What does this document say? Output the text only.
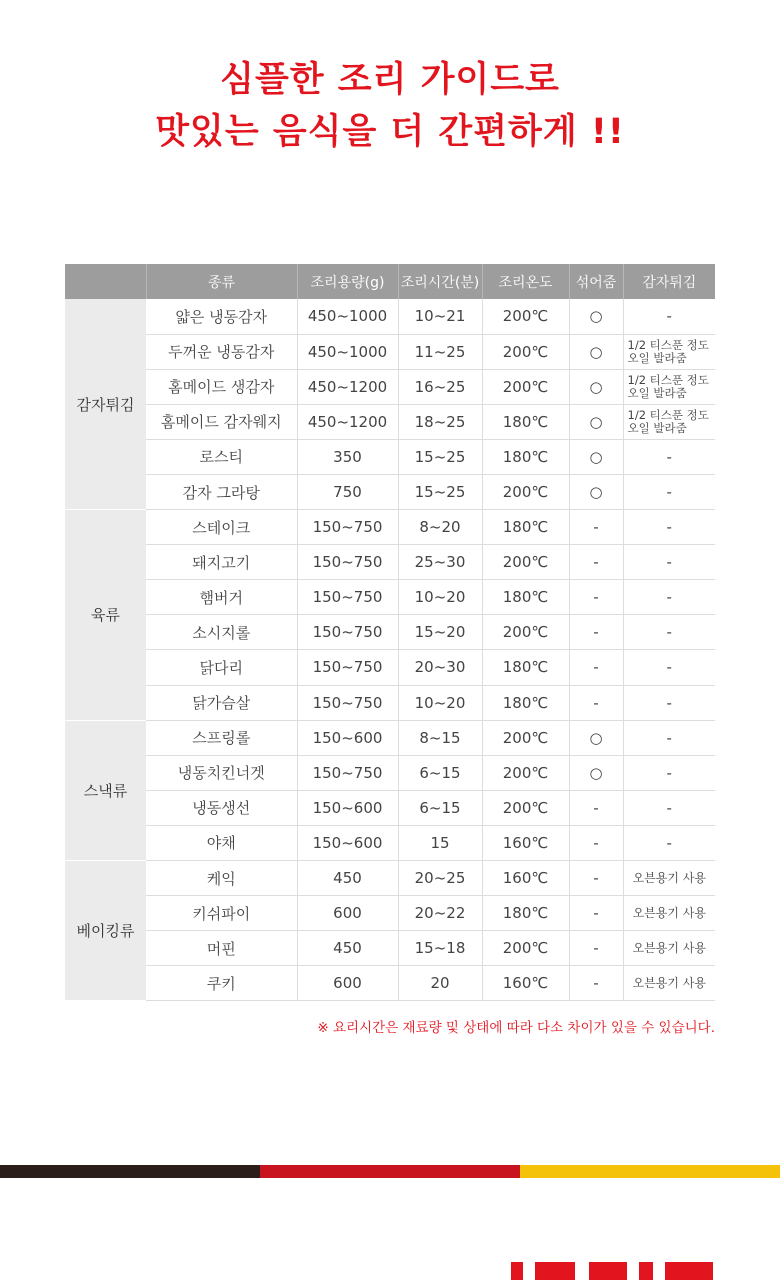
심플한 조리 가이드로
맛있는 음식을 더 간편하게 !!
	종류	조리용량(g)	조리시간(분)	조리온도	섞어줌	감자튀김
감자튀김	얇은 냉동감자	450~1000	10~21	200℃	○	-
	두꺼운 냉동감자	450~1000	11~25	200℃	○	1/2 티스푼 정도 오일 발라줌
	홈메이드 생감자	450~1200	16~25	200℃	○	1/2 티스푼 정도 오일 발라줌
	홈메이드 감자웨지	450~1200	18~25	180℃	○	1/2 티스푼 정도 오일 발라줌
	로스티	350	15~25	180℃	○	-
	감자 그라탕	750	15~25	200℃	○	-
육류	스테이크	150~750	8~20	180℃	-	-
	돼지고기	150~750	25~30	200℃	-	-
	햄버거	150~750	10~20	180℃	-	-
	소시지롤	150~750	15~20	200℃	-	-
	닭다리	150~750	20~30	180℃	-	-
	닭가슴살	150~750	10~20	180℃	-	-
스낵류	스프링롤	150~600	8~15	200℃	○	-
	냉동치킨너겟	150~750	6~15	200℃	○	-
	냉동생선	150~600	6~15	200℃	-	-
	야채	150~600	15	160℃	-	-
베이킹류	케익	450	20~25	160℃	-	오븐용기 사용
	키쉬파이	600	20~22	180℃	-	오븐용기 사용
	머핀	450	15~18	200℃	-	오븐용기 사용
	쿠키	600	20	160℃	-	오븐용기 사용
※ 요리시간은 재료량 및 상태에 따라 다소 차이가 있을 수 있습니다.
